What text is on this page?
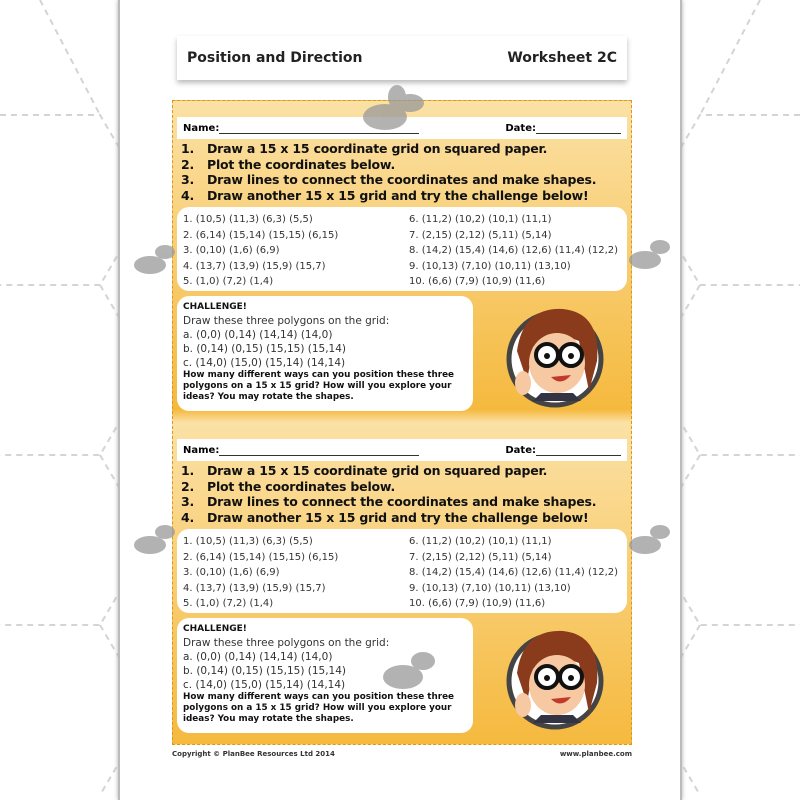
Position and Direction	Worksheet 2C
Name:	Date:
1. Draw a 15 x 15 coordinate grid on squared paper.
2. Plot the coordinates below.
3. Draw lines to connect the coordinates and make shapes.
4. Draw another 15 x 15 grid and try the challenge below!
1. (10,5) (11,3) (6,3) (5,5)	6. (11,2) (10,2) (10,1) (11,1)
2. (6,14) (15,14) (15,15) (6,15)	7. (2,15) (2,12) (5,11) (5,14)
3. (0,10) (1,6) (6,9)	8. (14,2) (15,4) (14,6) (12,6) (11,4) (12,2)
4. (13,7) (13,9) (15,9) (15,7)	9. (10,13) (7,10) (10,11) (13,10)
5. (1,0) (7,2) (1,4)	10. (6,6) (7,9) (10,9) (11,6)
CHALLENGE!
Draw these three polygons on the grid:
a. (0,0) (0,14) (14,14) (14,0)
b. (0,14) (0,15) (15,15) (15,14)
c. (14,0) (15,0) (15,14) (14,14)
How many different ways can you position these three polygons on a 15 x 15 grid? How will you explore your ideas? You may rotate the shapes.
Name:	Date:
1. Draw a 15 x 15 coordinate grid on squared paper.
2. Plot the coordinates below.
3. Draw lines to connect the coordinates and make shapes.
4. Draw another 15 x 15 grid and try the challenge below!
1. (10,5) (11,3) (6,3) (5,5)	6. (11,2) (10,2) (10,1) (11,1)
2. (6,14) (15,14) (15,15) (6,15)	7. (2,15) (2,12) (5,11) (5,14)
3. (0,10) (1,6) (6,9)	8. (14,2) (15,4) (14,6) (12,6) (11,4) (12,2)
4. (13,7) (13,9) (15,9) (15,7)	9. (10,13) (7,10) (10,11) (13,10)
5. (1,0) (7,2) (1,4)	10. (6,6) (7,9) (10,9) (11,6)
CHALLENGE!
Draw these three polygons on the grid:
a. (0,0) (0,14) (14,14) (14,0)
b. (0,14) (0,15) (15,15) (15,14)
c. (14,0) (15,0) (15,14) (14,14)
How many different ways can you position these three polygons on a 15 x 15 grid? How will you explore your ideas? You may rotate the shapes.
Copyright © PlanBee Resources Ltd 2014	www.planbee.com
